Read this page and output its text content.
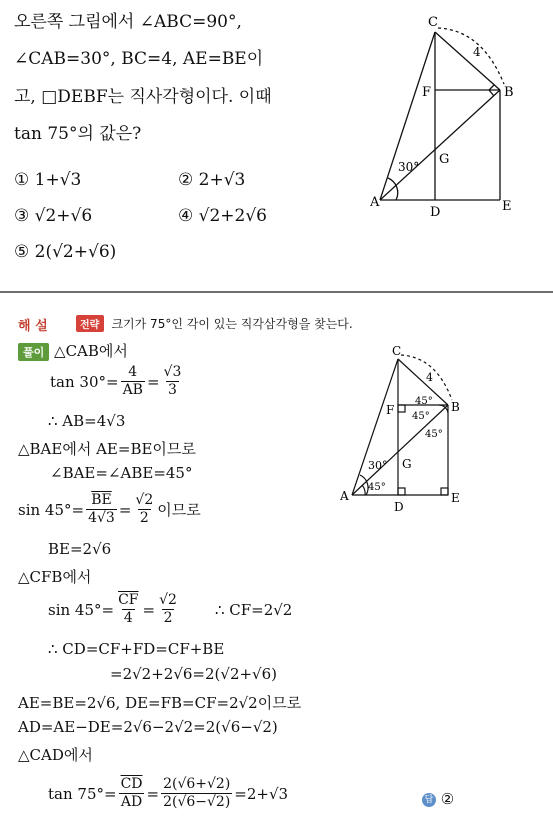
오른쪽 그림에서 ∠ABC=90°,
∠CAB=30°, BC=4, AE=BE이
고, □DEBF는 직사각형이다. 이때
tan 75°의 값은?
① 1+√3	② 2+√3
③ √2+√6	④ √2+2√6
⑤ 2(√2+√6)
C
B
A	E
D
F
G
4
30°
해 설	전략 크기가 75°인 각이 있는 직각삼각형을 찾는다.
풀이 △CAB에서
$\tan 30^\circ= \frac{4}{AB} = \frac{√3}{3}$
∴ AB=4√3
△BAE에서 AE=BE이므로
∠BAE=∠ABE=45°
$\sin 45^\circ= \frac{\overline{BE}}{4√3} = \frac{√2}{2}$ 이므로
BE=2√6
△CFB에서
$\sin 45^\circ= \frac{\overline{CF}}{4} = \frac{√2}{2}$ ∴ CF=2√2
∴ CD=CF+FD=CF+BE
=2√2+2√6=2(√2+√6)
AE=BE=2√6, DE=FB=CF=2√2이므로
AD=AE−DE=2√6−2√2=2(√6−√2)
△CAD에서
$\tan 75^\circ= \frac{\overline{CD}}{AD} = \frac{2(√6+√2)}{2(√6-√2)} =2+√3$	답 ②
C
B
A	E
D
F
G
4
30°
45°
45°
45°
45°
